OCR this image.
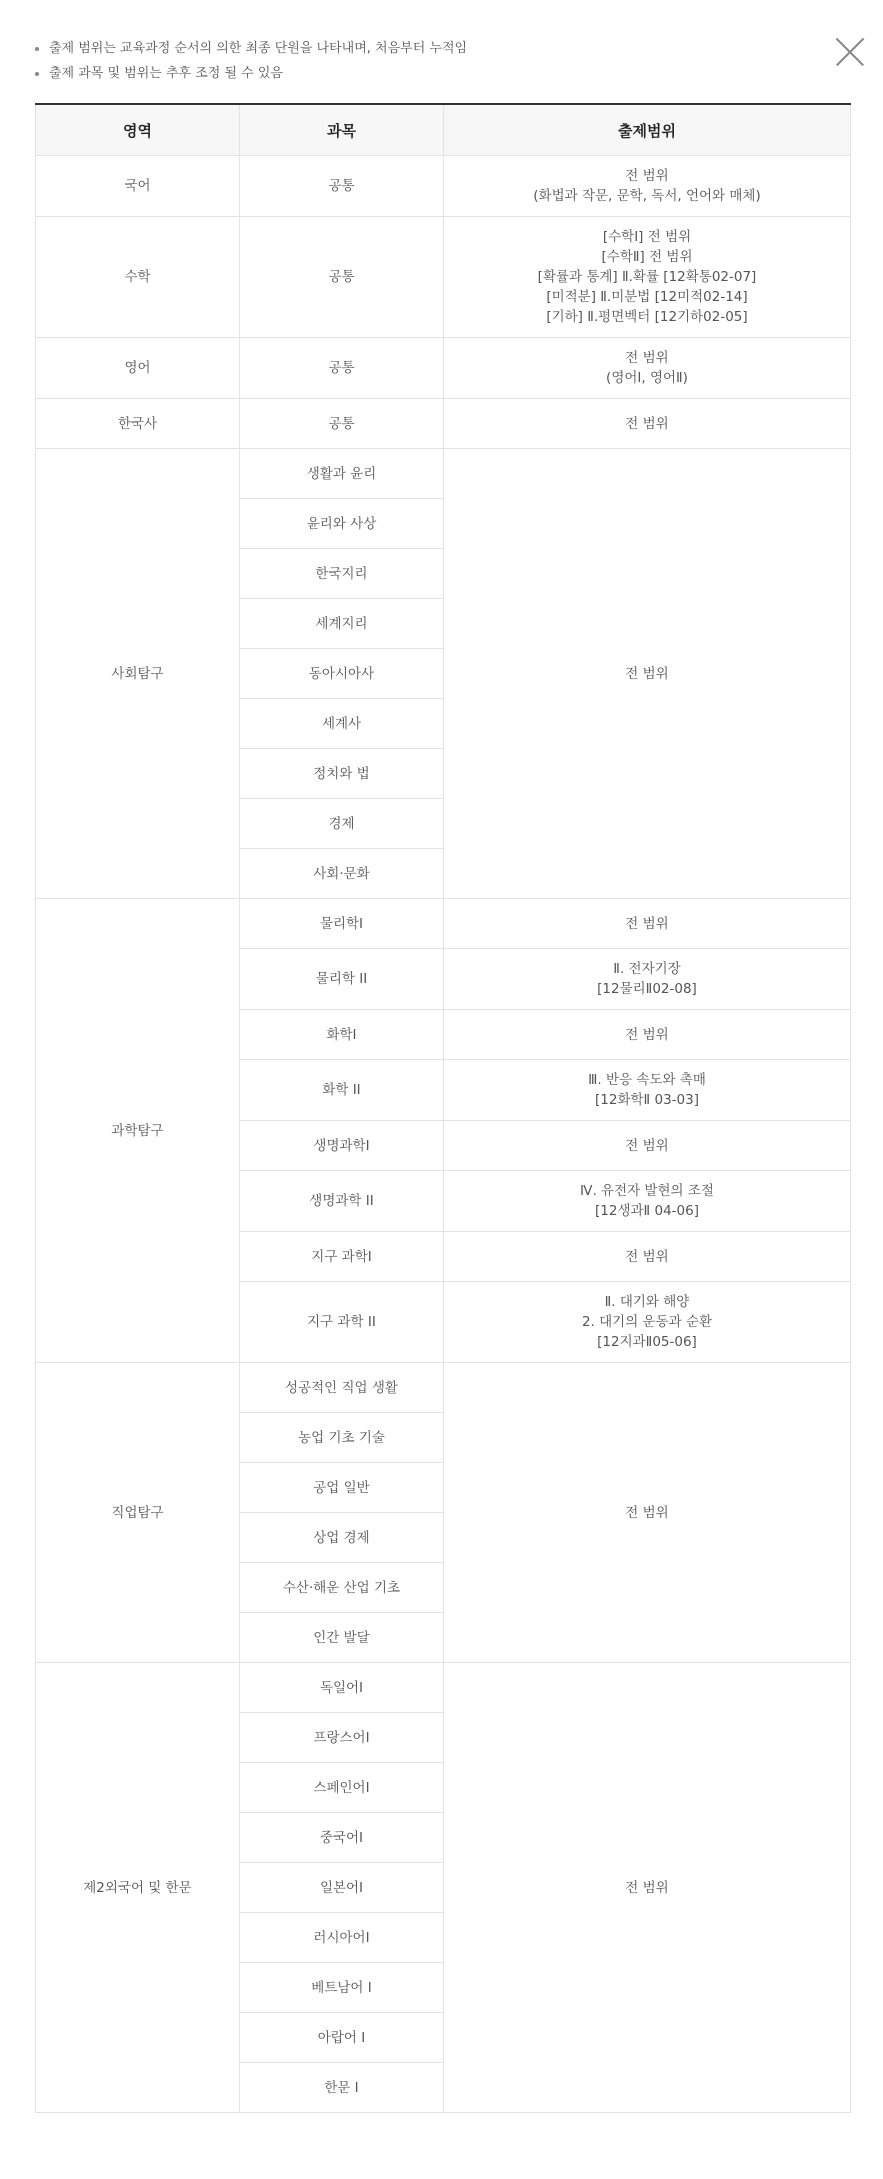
출제 범위는 교육과정 순서의 의한 최종 단원을 나타내며, 처음부터 누적임
출제 과목 및 범위는 추후 조정 될 수 있음
영역	과목	출제범위
국어	공통	전 범위
(화법과 작문, 문학, 독서, 언어와 매체)

수학	공통	[수학Ⅰ] 전 범위
[수학Ⅱ] 전 범위
[확률과 통계] Ⅱ.확률 [12확통02-07]
[미적분] Ⅱ.미분법 [12미적02-14]
[기하] Ⅱ.평면벡터 [12기하02-05]

영어	공통	전 범위
(영어Ⅰ, 영어Ⅱ)

한국사	공통	전 범위
사회탐구	생활과 윤리	전 범위
	윤리와 사상	
	한국지리	
	세계지리	
	동아시아사	
	세계사	
	정치와 법	
	경제	
	사회·문화	
과학탐구	물리학I	전 범위

	물리학 II	Ⅱ. 전자기장
[12물리Ⅱ02-08]

	화학I	전 범위

	화학 II	Ⅲ. 반응 속도와 촉매
[12화학Ⅱ 03-03]

	생명과학I	전 범위

	생명과학 II	Ⅳ. 유전자 발현의 조절
[12생과Ⅱ 04-06]

	지구 과학I	전 범위

	지구 과학 II	Ⅱ. 대기와 해양
2. 대기의 운동과 순환
[12지과Ⅱ05-06]

직업탐구	성공적인 직업 생활	전 범위
	농업 기초 기술	
	공업 일반	
	상업 경제	
	수산·해운 산업 기초	
	인간 발달	
제2외국어 및 한문	독일어I	전 범위
	프랑스어I	
	스페인어I	
	중국어I	
	일본어I	
	러시아어I	
	베트남어 I	
	아랍어 I	
	한문 I	
